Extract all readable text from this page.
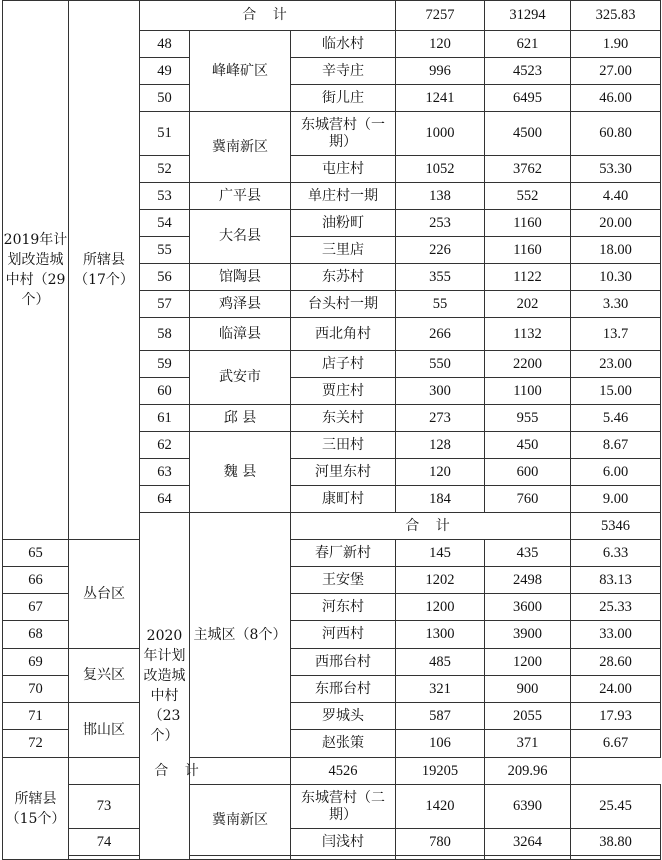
2019年计划改造城中村（29个）	所辖县（17个）	合 计			7257	31294	325.83	
		48	峰峰矿区	临水村	120	621	1.90	
		49		辛寺庄	996	4523	27.00	
		50		街儿庄	1241	6495	46.00	
		51	冀南新区	东城营村（一期）	1000	4500	60.80	
		52		屯庄村	1052	3762	53.30	
		53	广平县	单庄村一期	138	552	4.40	
		54	大名县	油粉町	253	1160	20.00	
		55		三里店	226	1160	18.00	
		56	馆陶县	东苏村	355	1122	10.30	
		57	鸡泽县	台头村一期	55	202	3.30	
		58	临漳县	西北角村	266	1132	13.7	
		59	武安市	店子村	550	2200	23.00	
		60		贾庄村	300	1100	15.00	
		61	邱 县	东关村	273	955	5.46	
		62	魏 县	三田村	128	450	8.67	
		63		河里东村	120	600	6.00	
		64		康町村	184	760	9.00	
		2020年计划改造城中村（23个）	主城区（8个）	合 计			5346		
65	丛台区			春厂新村	145	435	6.33	
66				王安堡	1202	2498	83.13	
67				河东村	1200	3600	25.33	
68				河西村	1300	3900	33.00	
69	复兴区			西邢台村	485	1200	28.60	
70				东邢台村	321	900	24.00	
71	邯山区			罗城头	587	2055	17.93	
72				赵张策	106	371	6.67	
所辖县（15个）	合 计			4526	19205	209.96		
	73		冀南新区	东城营村（二期）	1420	6390	25.45	
	74			闫浅村	780	3264	38.80	
